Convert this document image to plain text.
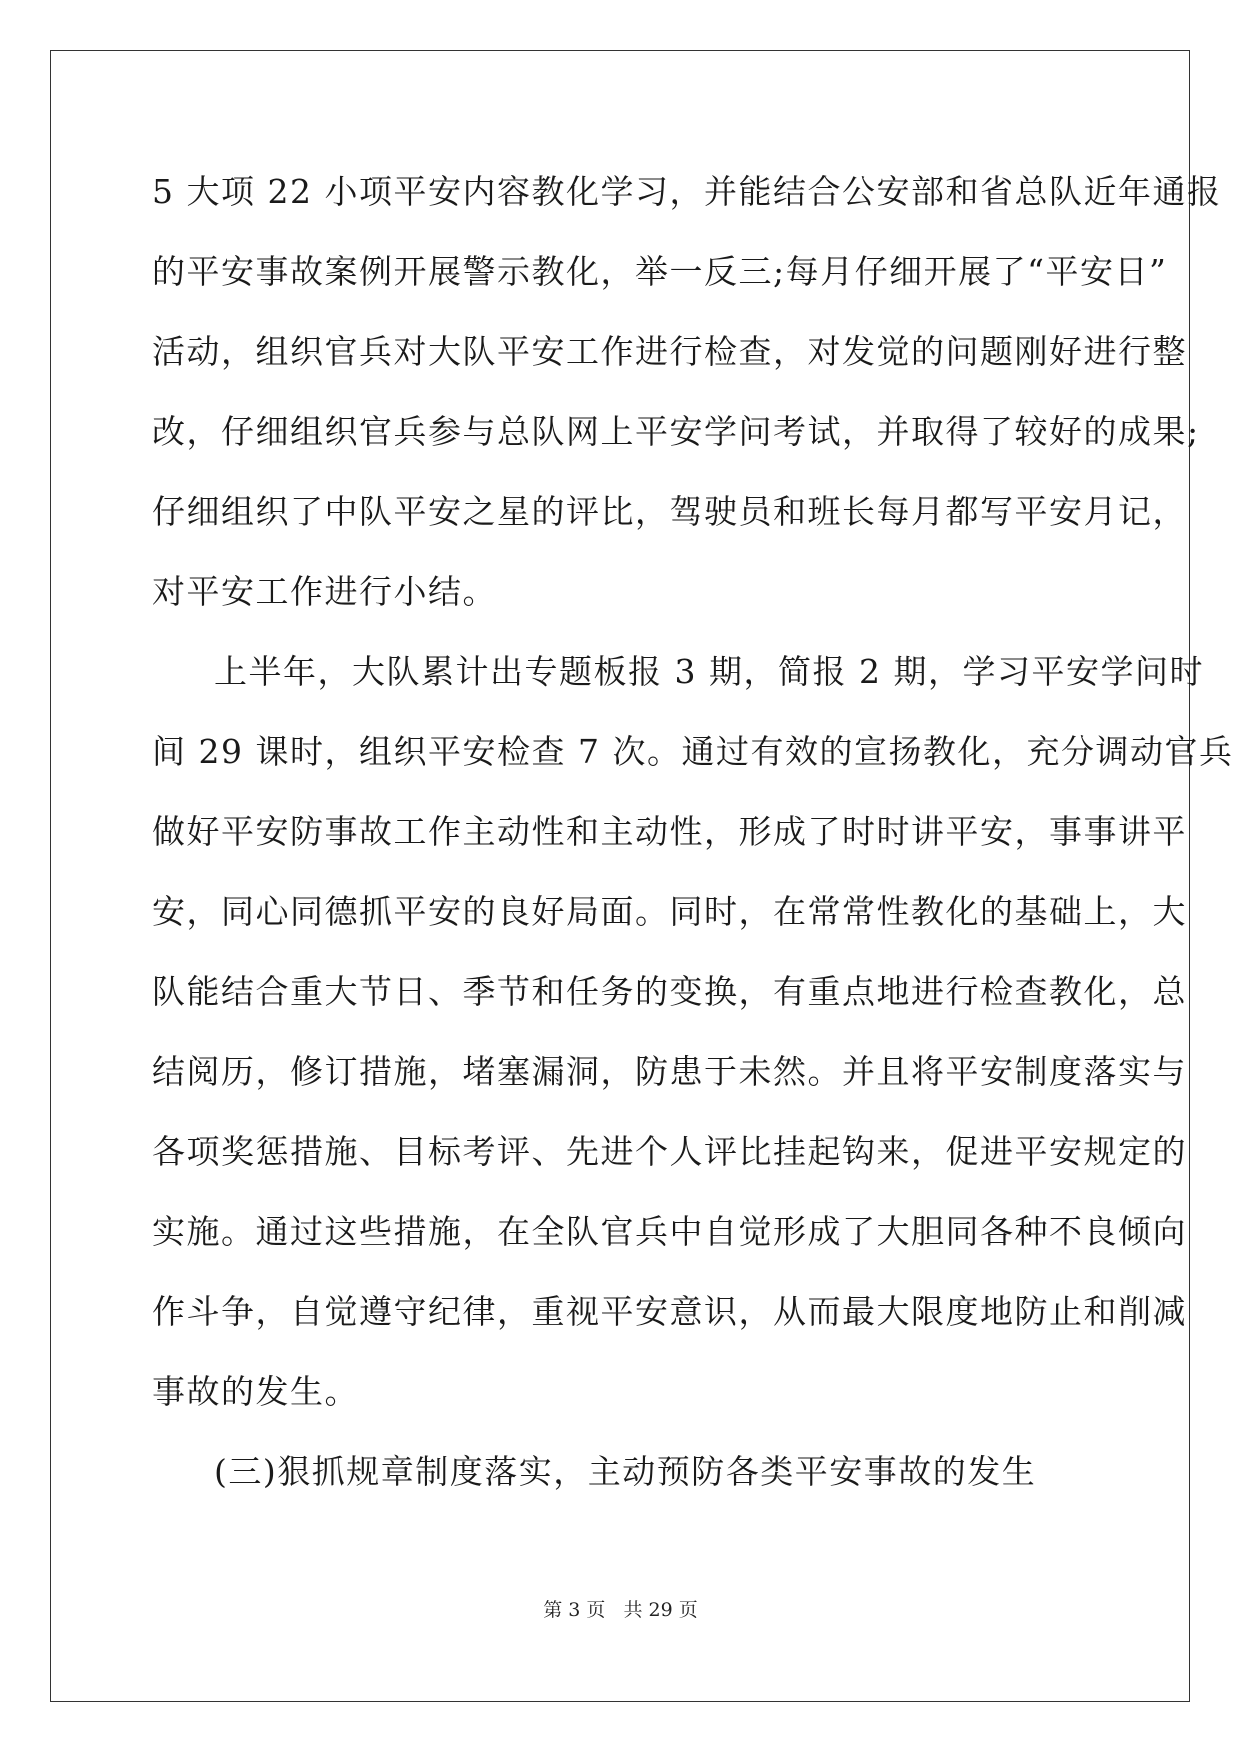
5 大项 22 小项平安内容教化学习，并能结合公安部和省总队近年通报
的平安事故案例开展警示教化，举一反三;每月仔细开展了“平安日”
活动，组织官兵对大队平安工作进行检查，对发觉的问题刚好进行整
改，仔细组织官兵参与总队网上平安学问考试，并取得了较好的成果;
仔细组织了中队平安之星的评比，驾驶员和班长每月都写平安月记，
对平安工作进行小结。
上半年，大队累计出专题板报 3 期，简报 2 期，学习平安学问时
间 29 课时，组织平安检查 7 次。通过有效的宣扬教化，充分调动官兵
做好平安防事故工作主动性和主动性，形成了时时讲平安，事事讲平
安，同心同德抓平安的良好局面。同时，在常常性教化的基础上，大
队能结合重大节日、季节和任务的变换，有重点地进行检查教化，总
结阅历，修订措施，堵塞漏洞，防患于未然。并且将平安制度落实与
各项奖惩措施、目标考评、先进个人评比挂起钩来，促进平安规定的
实施。通过这些措施，在全队官兵中自觉形成了大胆同各种不良倾向
作斗争，自觉遵守纪律，重视平安意识，从而最大限度地防止和削减
事故的发生。
(三)狠抓规章制度落实，主动预防各类平安事故的发生
第 3 页 共 29 页
